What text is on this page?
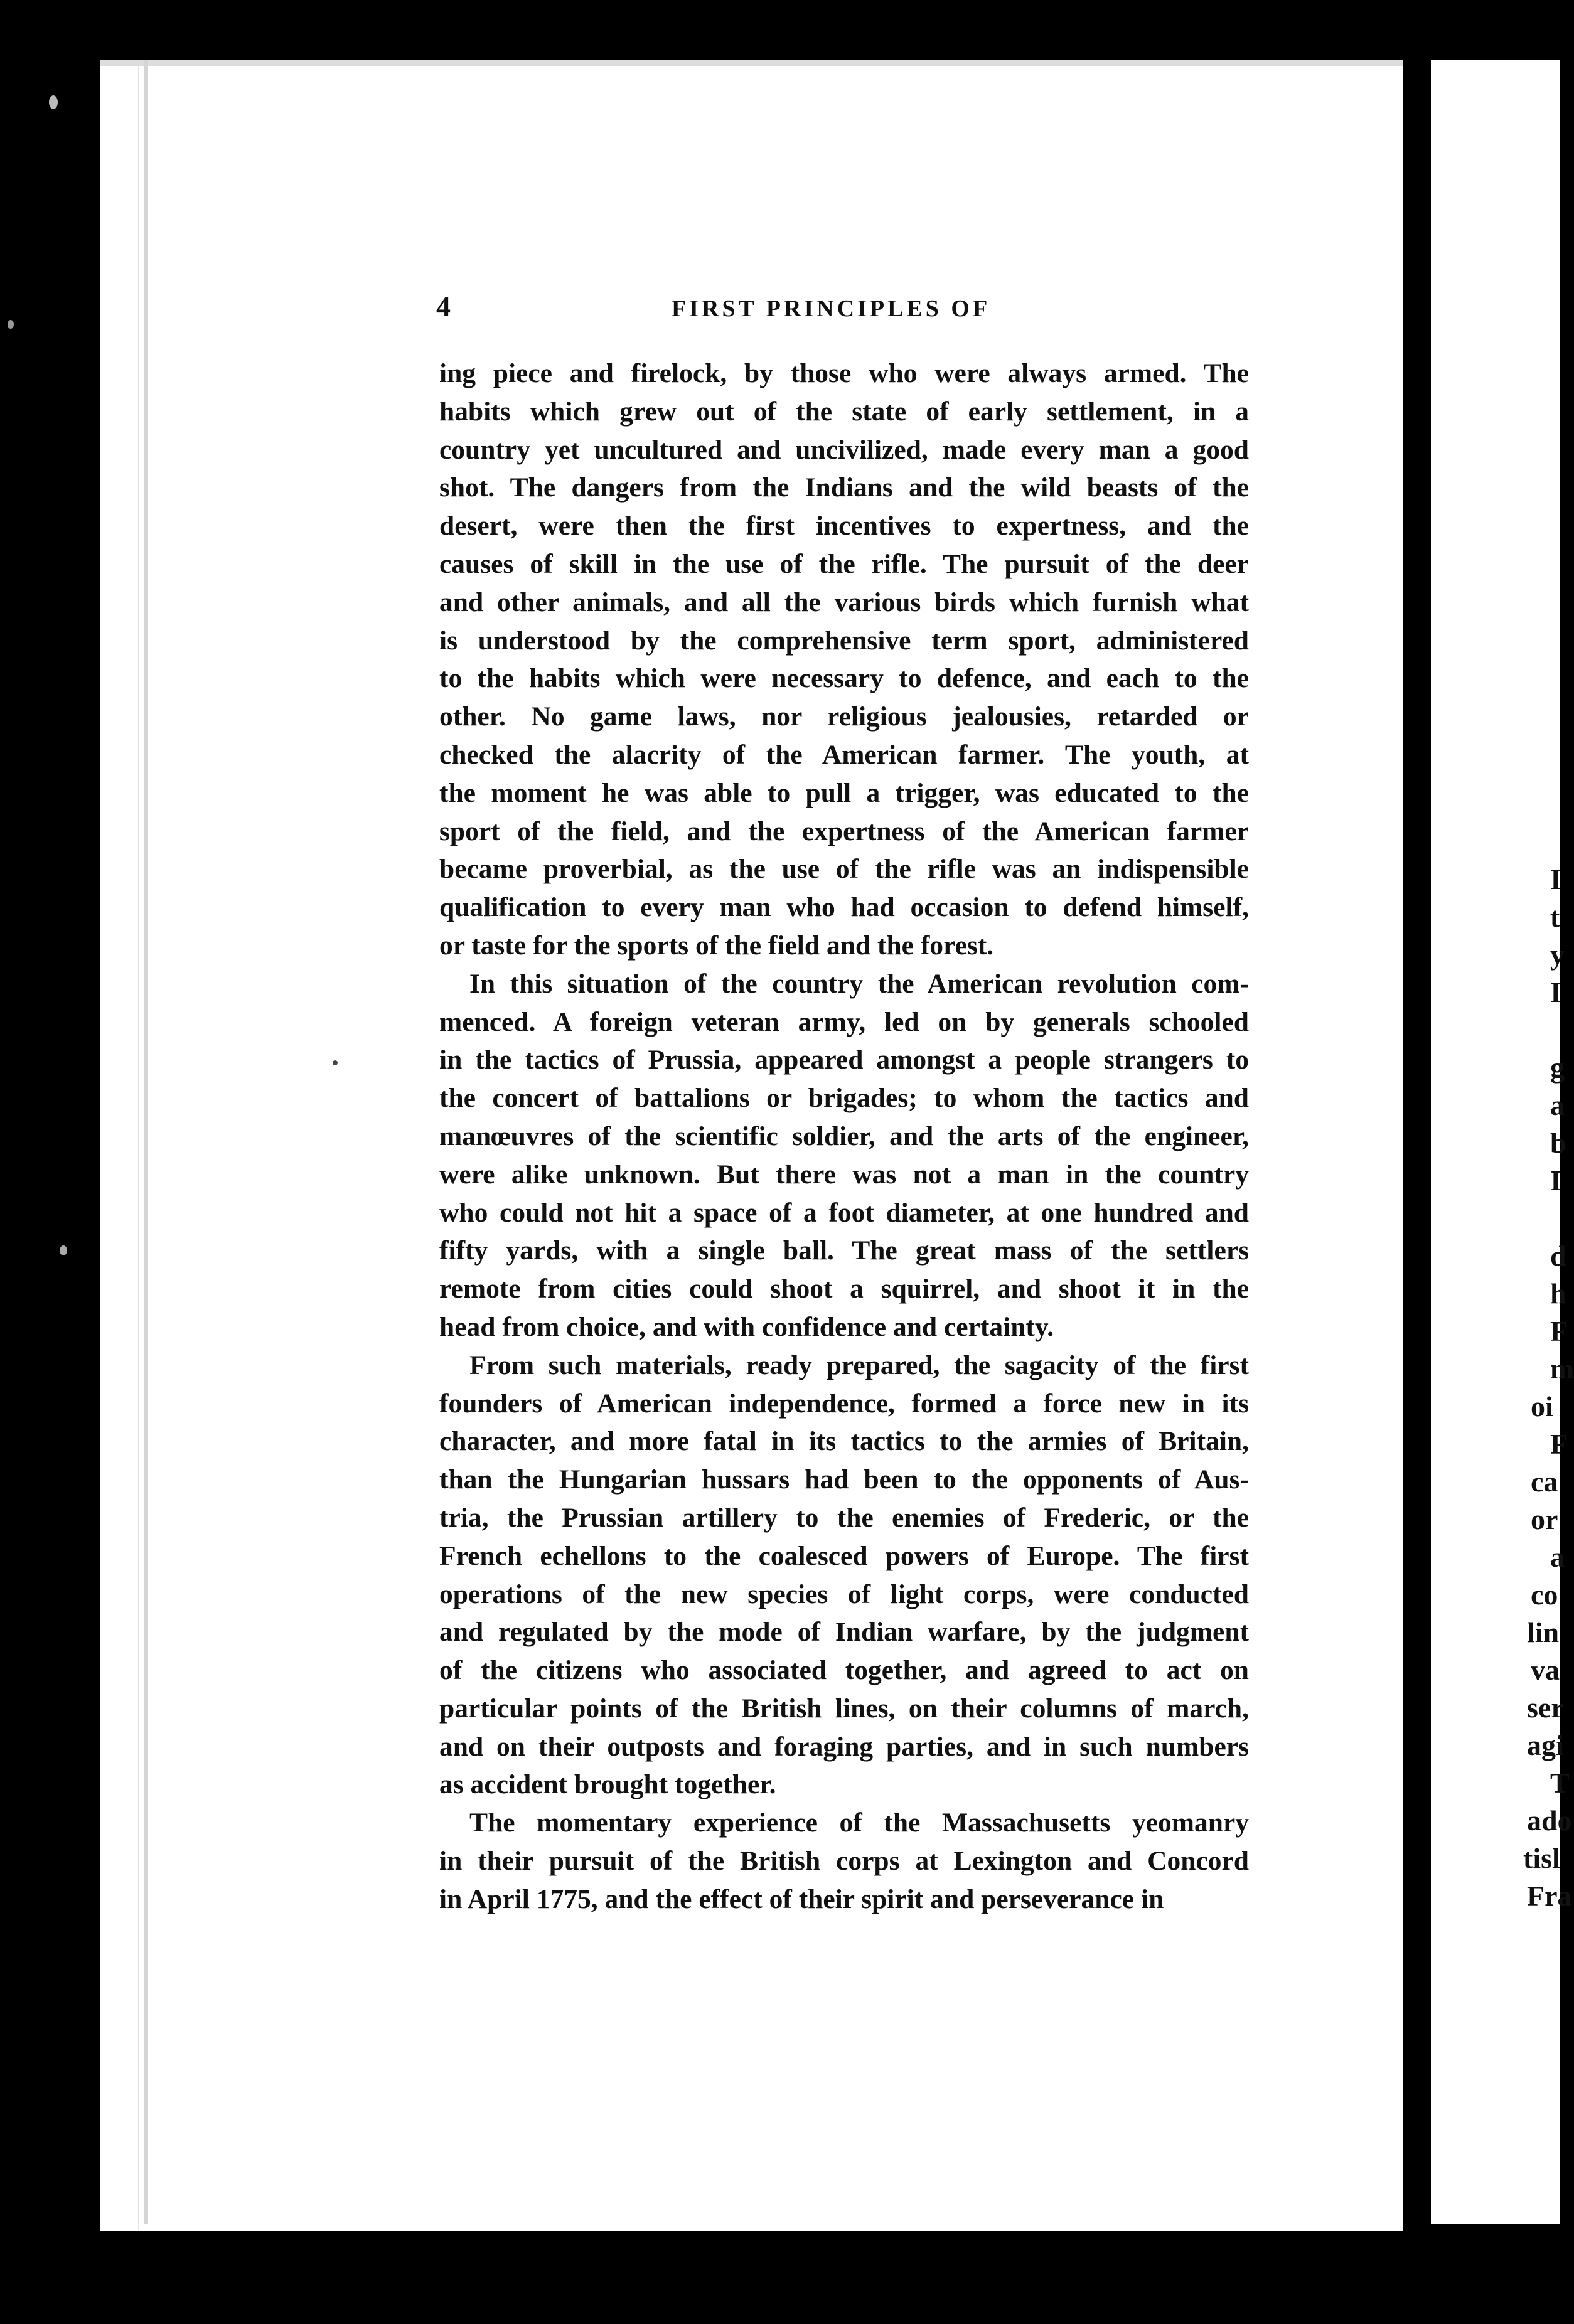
4	FIRST PRINCIPLES OF
ing piece and firelock, by those who were always armed. The
habits which grew out of the state of early settlement, in a
country yet uncultured and uncivilized, made every man a good
shot. The dangers from the Indians and the wild beasts of the
desert, were then the first incentives to expertness, and the
causes of skill in the use of the rifle. The pursuit of the deer
and other animals, and all the various birds which furnish what
is understood by the comprehensive term sport, administered
to the habits which were necessary to defence, and each to the
other. No game laws, nor religious jealousies, retarded or
checked the alacrity of the American farmer. The youth, at
the moment he was able to pull a trigger, was educated to the
sport of the field, and the expertness of the American farmer
became proverbial, as the use of the rifle was an indispensible
qualification to every man who had occasion to defend himself,
or taste for the sports of the field and the forest.
In this situation of the country the American revolution com-
menced. A foreign veteran army, led on by generals schooled
in the tactics of Prussia, appeared amongst a people strangers to
the concert of battalions or brigades; to whom the tactics and
manœuvres of the scientific soldier, and the arts of the engineer,
were alike unknown. But there was not a man in the country
who could not hit a space of a foot diameter, at one hundred and
fifty yards, with a single ball. The great mass of the settlers
remote from cities could shoot a squirrel, and shoot it in the
head from choice, and with confidence and certainty.
From such materials, ready prepared, the sagacity of the first
founders of American independence, formed a force new in its
character, and more fatal in its tactics to the armies of Britain,
than the Hungarian hussars had been to the opponents of Aus-
tria, the Prussian artillery to the enemies of Frederic, or the
French echellons to the coalesced powers of Europe. The first
operations of the new species of light corps, were conducted
and regulated by the mode of Indian warfare, by the judgment
of the citizens who associated together, and agreed to act on
particular points of the British lines, on their columns of march,
and on their outposts and foraging parties, and in such numbers
as accident brought together.
The momentary experience of the Massachusetts yeomanry
in their pursuit of the British corps at Lexington and Concord
in April 1775, and the effect of their spirit and perseverance in
I
t
y
I
g
a
b
I
d
h
F
m
oi
F
ca
or
a
co
lin
va
ser
agi
T
ado
tisl
Fra
